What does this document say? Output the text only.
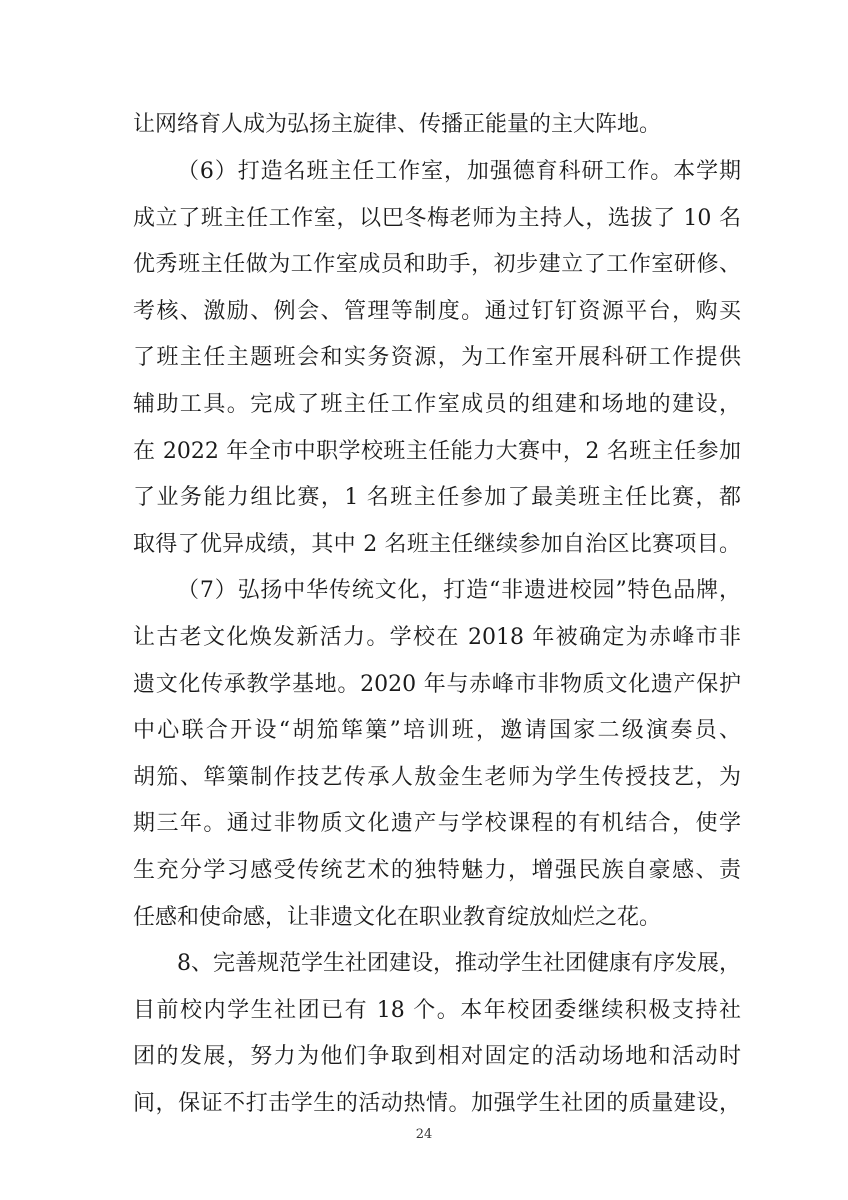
让网络育人成为弘扬主旋律、传播正能量的主大阵地。
（6）打造名班主任工作室，加强德育科研工作。本学期
成立了班主任工作室，以巴冬梅老师为主持人，选拔了 10 名
优秀班主任做为工作室成员和助手，初步建立了工作室研修、
考核、激励、例会、管理等制度。通过钉钉资源平台，购买
了班主任主题班会和实务资源，为工作室开展科研工作提供
辅助工具。完成了班主任工作室成员的组建和场地的建设，
在 2022 年全市中职学校班主任能力大赛中，2 名班主任参加
了业务能力组比赛，1 名班主任参加了最美班主任比赛，都
取得了优异成绩，其中 2 名班主任继续参加自治区比赛项目。
（7）弘扬中华传统文化，打造“非遗进校园”特色品牌，
让古老文化焕发新活力。学校在 2018 年被确定为赤峰市非
遗文化传承教学基地。2020 年与赤峰市非物质文化遗产保护
中心联合开设“胡笳筚篥”培训班，邀请国家二级演奏员、
胡笳、筚篥制作技艺传承人敖金生老师为学生传授技艺，为
期三年。通过非物质文化遗产与学校课程的有机结合，使学
生充分学习感受传统艺术的独特魅力，增强民族自豪感、责
任感和使命感，让非遗文化在职业教育绽放灿烂之花。
8、完善规范学生社团建设，推动学生社团健康有序发展，
目前校内学生社团已有 18 个。本年校团委继续积极支持社
团的发展，努力为他们争取到相对固定的活动场地和活动时
间，保证不打击学生的活动热情。加强学生社团的质量建设，
24
